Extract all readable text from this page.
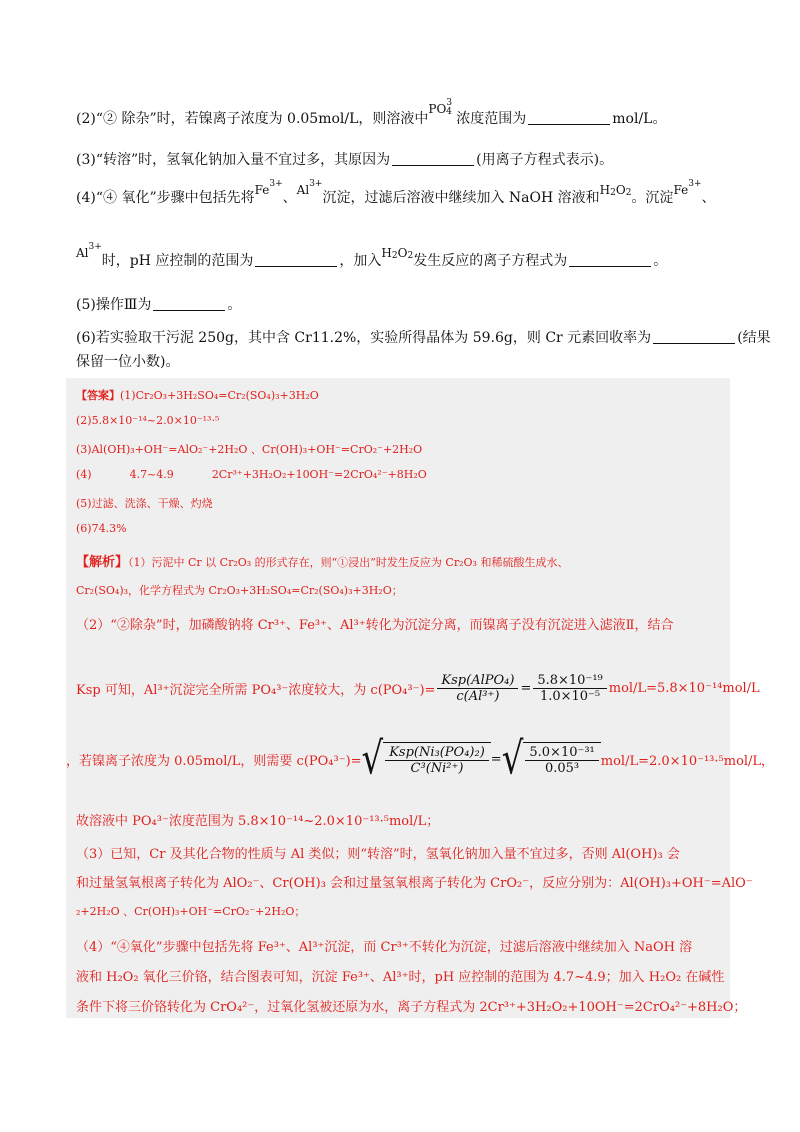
(2)“② 除杂”时，若镍离子浓度为 0.05mol/L，则溶液中$PO^3_4$ 浓度范围为	mol/L。
(3)“转溶”时，氢氧化钠加入量不宜过多，其原因为	(用离子方程式表示)。
(4)“④ 氧化”步骤中包括先将$Fe^{3+}$、$Al^{3+}$沉淀，过滤后溶液中继续加入 NaOH 溶液和$H_2O_2$。沉淀$Fe^{3+}$、
$Al^{3+}$时，pH 应控制的范围为	，加入$H_2O_2$发生反应的离子方程式为	。
(5)操作Ⅲ为	。
(6)若实验取干污泥 250g，其中含 Cr11.2%，实验所得晶体为 59.6g，则 Cr 元素回收率为	(结果
保留一位小数)。
【答案】(1)Cr₂O₃+3H₂SO₄=Cr₂(SO₄)₃+3H₂O
(2)5.8×10⁻¹⁴~2.0×10⁻¹³·⁵
(3)Al(OH)₃+OH⁻=AlO₂⁻+2H₂O 、Cr(OH)₃+OH⁻=CrO₂⁻+2H₂O
(4)	4.7~4.9	2Cr³⁺+3H₂O₂+10OH⁻=2CrO₄²⁻+8H₂O
(5)过滤、洗涤、干燥、灼烧
(6)74.3%
【解析】（1）污泥中 Cr 以 Cr₂O₃ 的形式存在，则“①浸出”时发生反应为 Cr₂O₃ 和稀硫酸生成水、
Cr₂(SO₄)₃，化学方程式为 Cr₂O₃+3H₂SO₄=Cr₂(SO₄)₃+3H₂O；
（2）“②除杂”时，加磷酸钠将 Cr³⁺、Fe³⁺、Al³⁺转化为沉淀分离，而镍离子没有沉淀进入滤液Ⅱ，结合
Ksp 可知，Al³⁺沉淀完全所需 PO₄³⁻浓度较大，为 $c(PO_4^{3-})= \frac{\text{Ksp(AlPO₄)}}{\text{c(Al³⁺)}} = \frac{\text{5.8×10⁻¹⁹}}{\text{1.0×10⁻⁵}} mol/L=5.8\times 10^{-14}mol/L$
，若镍离子浓度为 0.05mol/L，则需要 c(PO₄³⁻)= √ $\frac{\text{Ksp(Ni₃(PO₄)₂)}}{\text{C³(Ni²⁺)}}$ = √ $\frac{\text{5.0×10⁻³¹}}{\text{0.05³}} mol/L=2.0\times 10^{-13}\cdot^5mol/L$，
故溶液中 PO₄³⁻浓度范围为 5.8×10⁻¹⁴~2.0×10⁻¹³·⁵mol/L；
（3）已知，Cr 及其化合物的性质与 Al 类似；则“转溶”时，氢氧化钠加入量不宜过多，否则 Al(OH)₃ 会
和过量氢氧根离子转化为 AlO₂⁻、Cr(OH)₃ 会和过量氢氧根离子转化为 CrO₂⁻，反应分别为：Al(OH)₃+OH⁻=AlO⁻
₂+2H₂O 、Cr(OH)₃+OH⁻=CrO₂⁻+2H₂O；
（4）“④氧化”步骤中包括先将 Fe³⁺、Al³⁺沉淀，而 Cr³⁺不转化为沉淀，过滤后溶液中继续加入 NaOH 溶
液和 H₂O₂ 氧化三价铬，结合图表可知，沉淀 Fe³⁺、Al³⁺时，pH 应控制的范围为 4.7~4.9；加入 H₂O₂ 在碱性
条件下将三价铬转化为 CrO₄²⁻，过氧化氢被还原为水，离子方程式为 2Cr³⁺+3H₂O₂+10OH⁻=2CrO₄²⁻+8H₂O；
